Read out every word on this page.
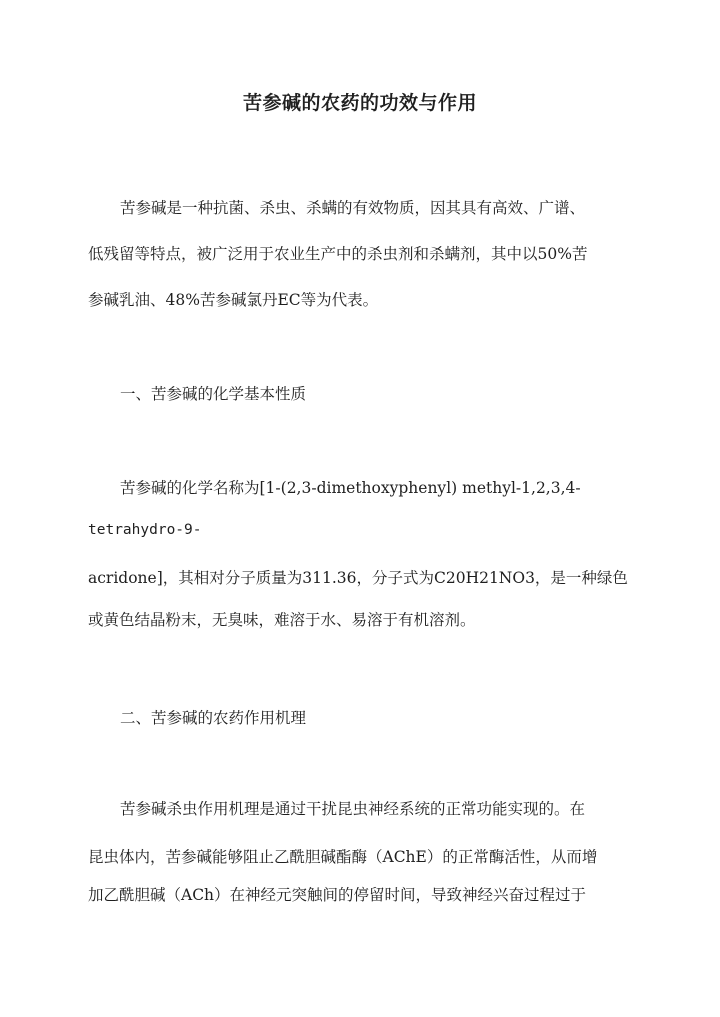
苦参碱的农药的功效与作用
苦参碱是一种抗菌、杀虫、杀螨的有效物质，因其具有高效、广谱、
低残留等特点，被广泛用于农业生产中的杀虫剂和杀螨剂，其中以50%苦
参碱乳油、48%苦参碱氯丹EC等为代表。
一、苦参碱的化学基本性质
苦参碱的化学名称为[1-(2,3-dimethoxyphenyl) methyl-1,2,3,4-
tetrahydro-9-
acridone]，其相对分子质量为311.36，分子式为C20H21NO3，是一种绿色
或黄色结晶粉末，无臭味，难溶于水、易溶于有机溶剂。
二、苦参碱的农药作用机理
苦参碱杀虫作用机理是通过干扰昆虫神经系统的正常功能实现的。在
昆虫体内，苦参碱能够阻止乙酰胆碱酯酶（AChE）的正常酶活性，从而增
加乙酰胆碱（ACh）在神经元突触间的停留时间，导致神经兴奋过程过于
